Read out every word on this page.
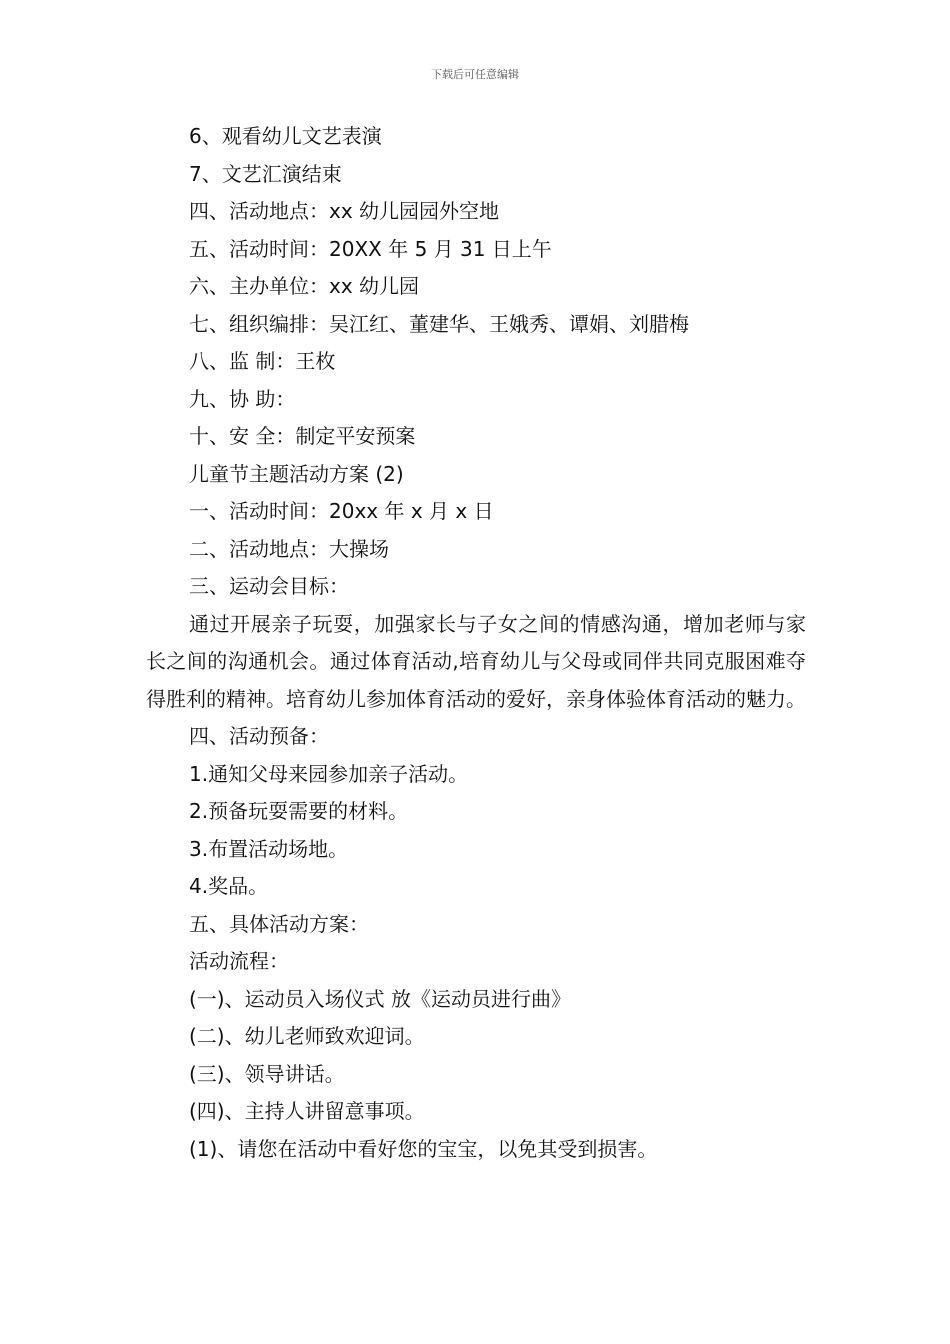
下载后可任意编辑
6、观看幼儿文艺表演
7、文艺汇演结束
四、活动地点：xx 幼儿园园外空地
五、活动时间：20XX 年 5 月 31 日上午
六、主办单位：xx 幼儿园
七、组织编排：吴江红、董建华、王娥秀、谭娟、刘腊梅
八、监 制：王枚
九、协 助：
十、安 全：制定平安预案
儿童节主题活动方案 (2)
一、活动时间：20xx 年 x 月 x 日
二、活动地点：大操场
三、运动会目标：
通过开展亲子玩耍，加强家长与子女之间的情感沟通，增加老师与家长之间的沟通机会。通过体育活动,培育幼儿与父母或同伴共同克服困难夺得胜利的精神。培育幼儿参加体育活动的爱好，亲身体验体育活动的魅力。
四、活动预备：
1.通知父母来园参加亲子活动。
2.预备玩耍需要的材料。
3.布置活动场地。
4.奖品。
五、具体活动方案：
活动流程：
(一)、运动员入场仪式 放《运动员进行曲》
(二)、幼儿老师致欢迎词。
(三)、领导讲话。
(四)、主持人讲留意事项。
(1)、请您在活动中看好您的宝宝，以免其受到损害。
